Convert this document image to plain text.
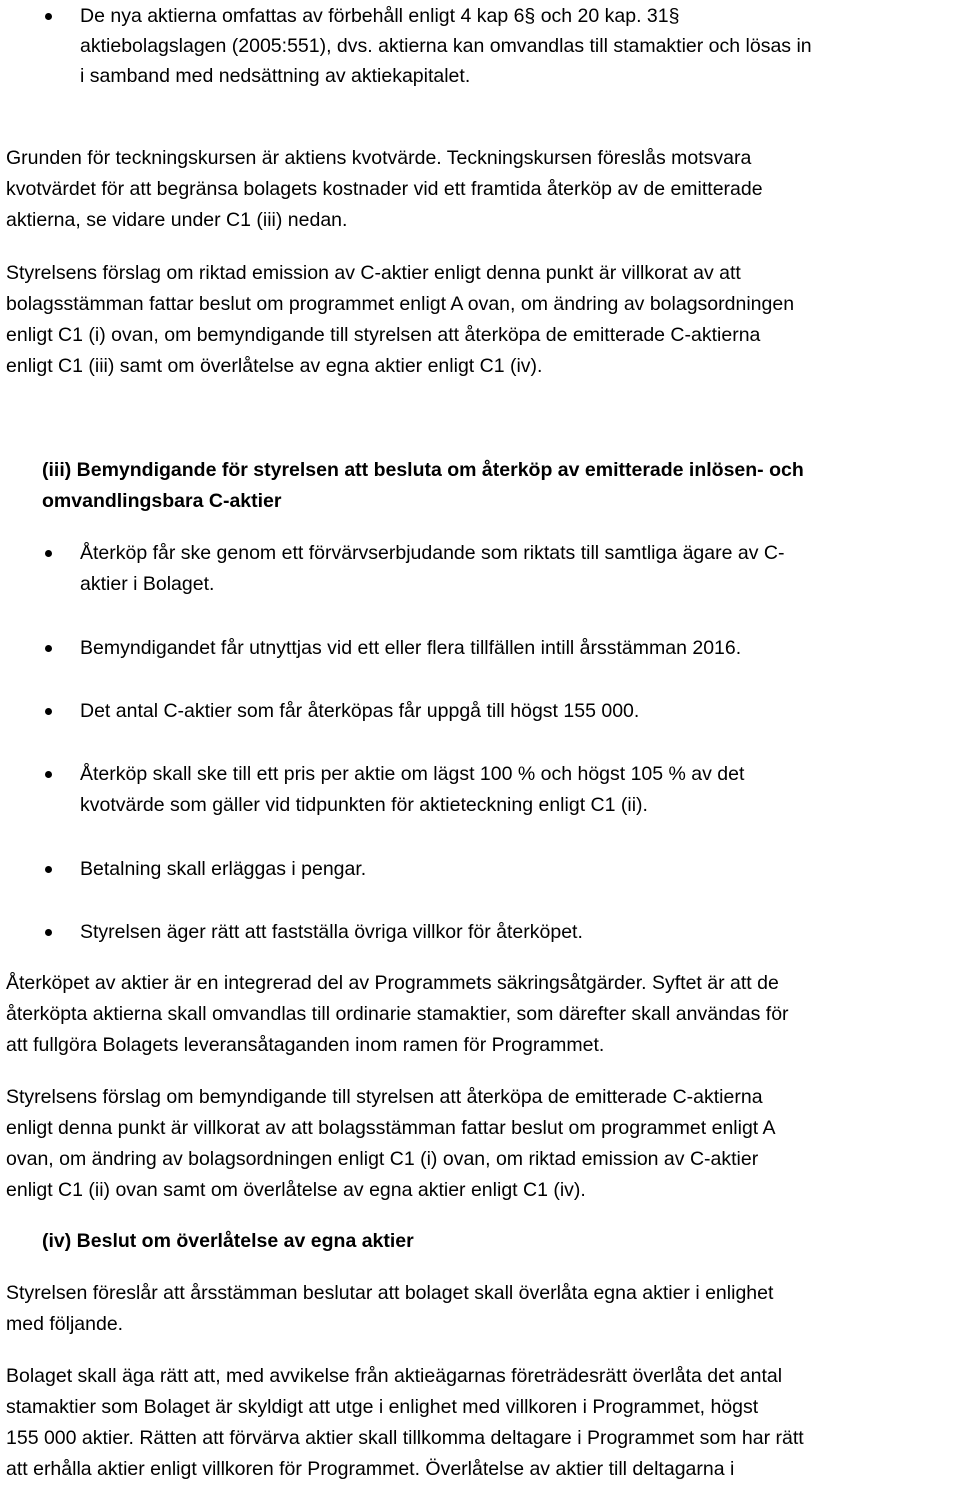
De nya aktierna omfattas av förbehåll enligt 4 kap 6§ och 20 kap. 31§
aktiebolagslagen (2005:551), dvs. aktierna kan omvandlas till stamaktier och lösas in
i samband med nedsättning av aktiekapitalet.
Grunden för teckningskursen är aktiens kvotvärde. Teckningskursen föreslås motsvara
kvotvärdet för att begränsa bolagets kostnader vid ett framtida återköp av de emitterade
aktierna, se vidare under C1 (iii) nedan.
Styrelsens förslag om riktad emission av C-aktier enligt denna punkt är villkorat av att
bolagsstämman fattar beslut om programmet enligt A ovan, om ändring av bolagsordningen
enligt C1 (i) ovan, om bemyndigande till styrelsen att återköpa de emitterade C-aktierna
enligt C1 (iii) samt om överlåtelse av egna aktier enligt C1 (iv).
(iii) Bemyndigande för styrelsen att besluta om återköp av emitterade inlösen- och
omvandlingsbara C-aktier
Återköp får ske genom ett förvärvserbjudande som riktats till samtliga ägare av C-
aktier i Bolaget.
Bemyndigandet får utnyttjas vid ett eller flera tillfällen intill årsstämman 2016.
Det antal C-aktier som får återköpas får uppgå till högst 155 000.
Återköp skall ske till ett pris per aktie om lägst 100 % och högst 105 % av det
kvotvärde som gäller vid tidpunkten för aktieteckning enligt C1 (ii).
Betalning skall erläggas i pengar.
Styrelsen äger rätt att fastställa övriga villkor för återköpet.
Återköpet av aktier är en integrerad del av Programmets säkringsåtgärder. Syftet är att de
återköpta aktierna skall omvandlas till ordinarie stamaktier, som därefter skall användas för
att fullgöra Bolagets leveransåtaganden inom ramen för Programmet.
Styrelsens förslag om bemyndigande till styrelsen att återköpa de emitterade C-aktierna
enligt denna punkt är villkorat av att bolagsstämman fattar beslut om programmet enligt A
ovan, om ändring av bolagsordningen enligt C1 (i) ovan, om riktad emission av C-aktier
enligt C1 (ii) ovan samt om överlåtelse av egna aktier enligt C1 (iv).
(iv) Beslut om överlåtelse av egna aktier
Styrelsen föreslår att årsstämman beslutar att bolaget skall överlåta egna aktier i enlighet
med följande.
Bolaget skall äga rätt att, med avvikelse från aktieägarnas företrädesrätt överlåta det antal
stamaktier som Bolaget är skyldigt att utge i enlighet med villkoren i Programmet, högst
155 000 aktier. Rätten att förvärva aktier skall tillkomma deltagare i Programmet som har rätt
att erhålla aktier enligt villkoren för Programmet. Överlåtelse av aktier till deltagarna i
